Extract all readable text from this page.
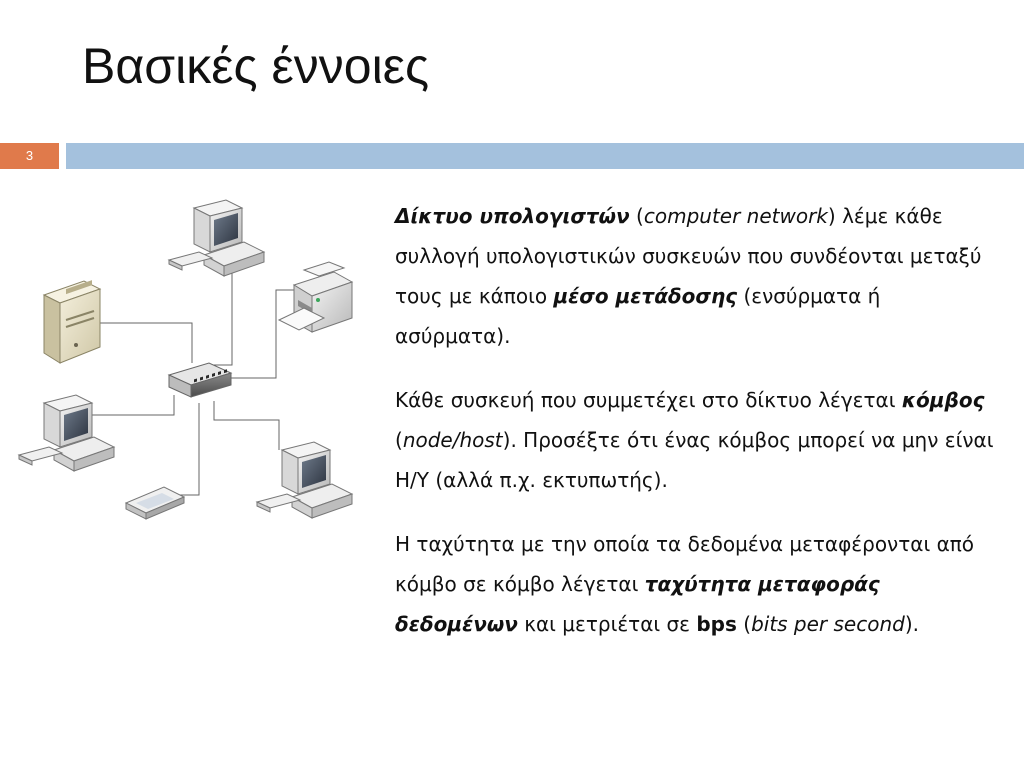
Βασικές έννοιες
3

Δίκτυο υπολογιστών (computer network) λέμε κάθε συλλογή υπολογιστικών συσκευών που συνδέονται μεταξύ τους με κάποιο μέσο μετάδοσης (ενσύρματα ή ασύρματα).

Κάθε συσκευή που συμμετέχει στο δίκτυο λέγεται κόμβος (node/host). Προσέξτε ότι ένας κόμβος μπορεί να μην είναι Η/Υ (αλλά π.χ. εκτυπωτής).

Η ταχύτητα με την οποία τα δεδομένα μεταφέρονται από κόμβο σε κόμβο λέγεται ταχύτητα μεταφοράς δεδομένων και μετριέται σε bps (bits per second).
